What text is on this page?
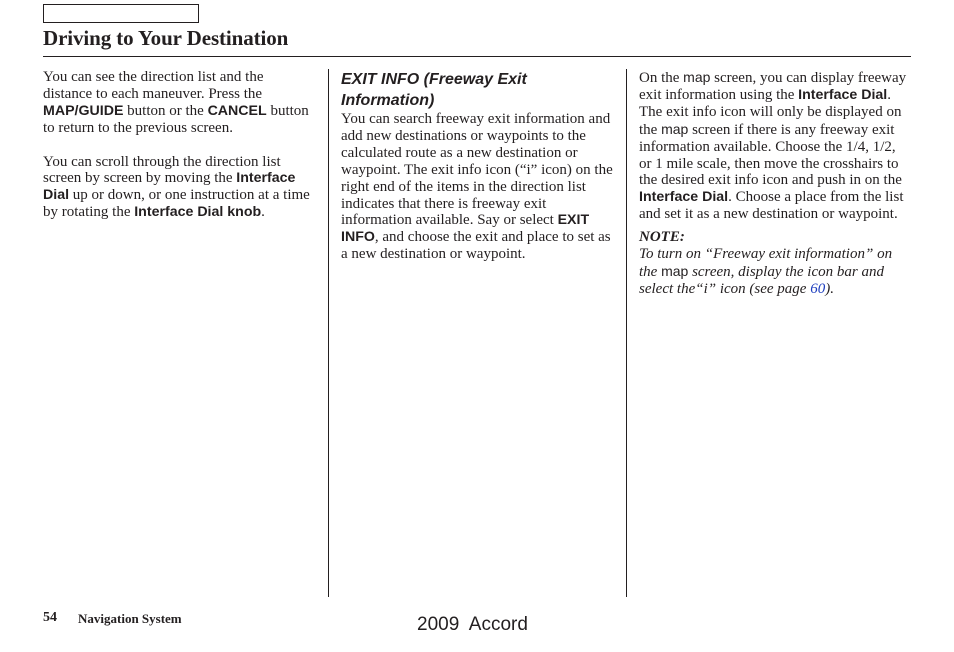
Driving to Your Destination

You can see the direction list and the distance to each maneuver. Press the MAP/GUIDE button or the CANCEL button to return to the previous screen.

You can scroll through the direction list screen by screen by moving the Interface Dial up or down, or one instruction at a time by rotating the Interface Dial knob.

EXIT INFO (Freeway Exit Information)

You can search freeway exit information and add new destinations or waypoints to the calculated route as a new destination or waypoint. The exit info icon (“i” icon) on the right end of the items in the direction list indicates that there is freeway exit information available. Say or select EXIT INFO, and choose the exit and place to set as a new destination or waypoint.

On the map screen, you can display freeway exit information using the Interface Dial. The exit info icon will only be displayed on the map screen if there is any freeway exit information available. Choose the 1/4, 1/2, or 1 mile scale, then move the crosshairs to the desired exit info icon and push in on the Interface Dial. Choose a place from the list and set it as a new destination or waypoint.

NOTE:

To turn on “Freeway exit information” on the map screen, display the icon bar and select the“i” icon (see page 60).

54 Navigation System	2009  Accord
